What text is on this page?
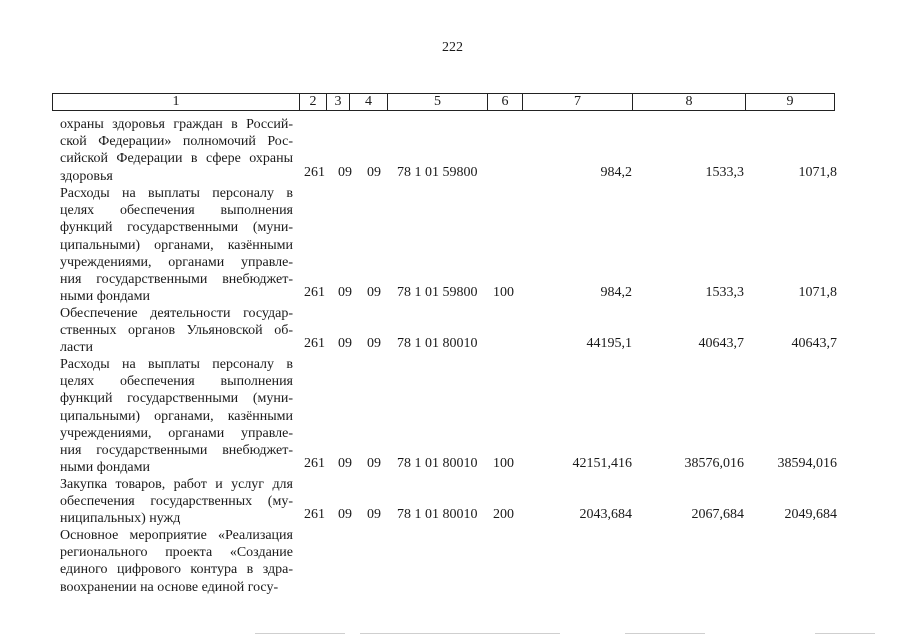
222
1	2	3	4	5	6	7	8	9
охраны здоровья граждан в Россий-
ской Федерации» полномочий Рос-
сийской Федерации в сфере охраны
здоровья	261 09 09 78 1 01 59800	984,2	1533,3	1071,8
Расходы на выплаты персоналу в
целях обеспечения выполнения
функций государственными (муни-
ципальными) органами, казёнными
учреждениями, органами управле-
ния государственными внебюджет-
ными фондами	261 09 09 78 1 01 59800 100	984,2	1533,3	1071,8
Обеспечение деятельности государ-
ственных органов Ульяновской об-
ласти	261 09 09 78 1 01 80010	44195,1	40643,7	40643,7
Расходы на выплаты персоналу в
целях обеспечения выполнения
функций государственными (муни-
ципальными) органами, казёнными
учреждениями, органами управле-
ния государственными внебюджет-
ными фондами	261 09 09 78 1 01 80010 100	42151,416	38576,016 38594,016
Закупка товаров, работ и услуг для
обеспечения государственных (му-
ниципальных) нужд	261 09 09 78 1 01 80010 200	2043,684	2067,684	2049,684
Основное мероприятие «Реализация
регионального проекта «Создание
единого цифрового контура в здра-
воохранении на основе единой госу-
